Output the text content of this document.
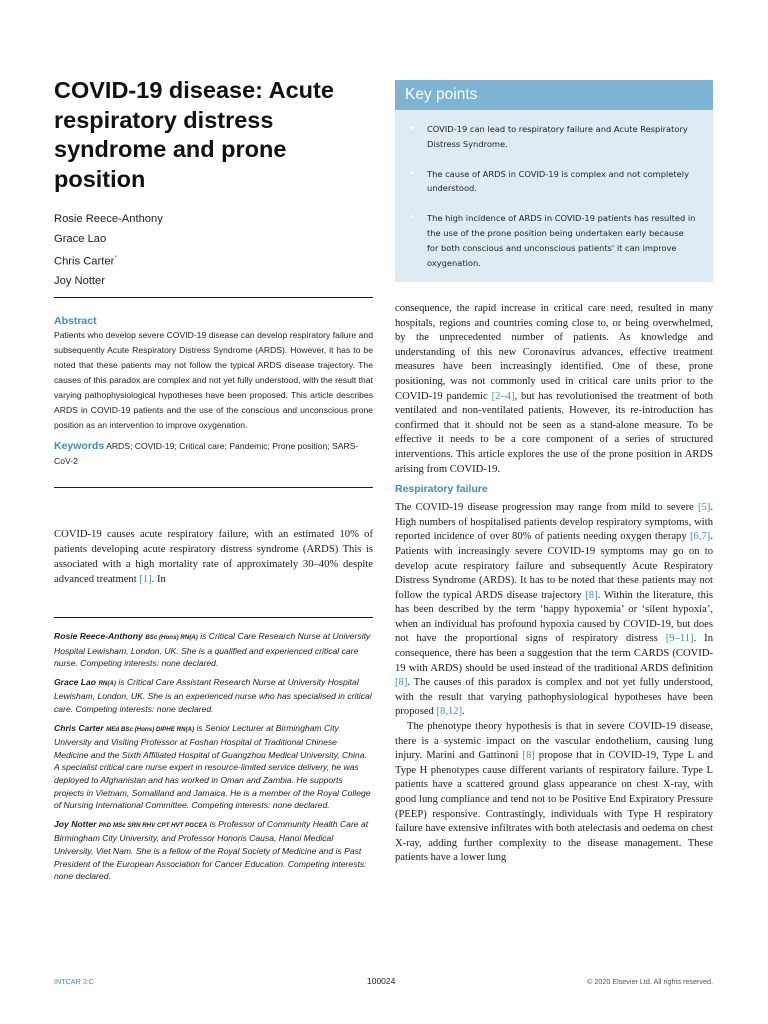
COVID-19 disease: Acute respiratory distress syndrome and prone position
Rosie Reece-Anthony
Grace Lao
Chris Carter*
Joy Notter
Key points
• COVID-19 can lead to respiratory failure and Acute Respiratory Distress Syndrome.
• The cause of ARDS in COVID-19 is complex and not completely understood.
• The high incidence of ARDS in COVID-19 patients has resulted in the use of the prone position being undertaken early because for both conscious and unconscious patients' it can improve oxygenation.
Abstract

Patients who develop severe COVID-19 disease can develop respiratory failure and subsequently Acute Respiratory Distress Syndrome (ARDS). However, it has to be noted that these patients may not follow the typical ARDS disease trajectory. The causes of this paradox are complex and not yet fully understood, with the result that varying pathophysiological hypotheses have been proposed. This article describes ARDS in COVID-19 patients and the use of the conscious and unconscious prone position as an intervention to improve oxygenation.

Keywords ARDS; COVID-19; Critical care; Pandemic; Prone position; SARS-CoV-2
COVID-19 causes acute respiratory failure, with an estimated 10% of patients developing acute respiratory distress syndrome (ARDS) This is associated with a high mortality rate of approximately 30–40% despite advanced treatment [1]. In

Rosie Reece-Anthony BSc (Hons) RN(A) is Critical Care Research Nurse at University Hospital Lewisham, London, UK. She is a qualified and experienced critical care nurse. Competing interests: none declared.

Grace Lao RN(A) is Critical Care Assistant Research Nurse at University Hospital Lewisham, London, UK. She is an experienced nurse who has specialised in critical care. Competing interests: none declared.

Chris Carter MEd BSc (Hons) DIPHE RN(A) is Senior Lecturer at Birmingham City University and Visiting Professor at Foshan Hospital of Traditional Chinese Medicine and the Sixth Affiliated Hospital of Guangzhou Medical University, China. A specialist critical care nurse expert in resource-limited service delivery, he was deployed to Afghanistan and has worked in Oman and Zambia. He supports projects in Vietnam, Somaliland and Jamaica. He is a member of the Royal College of Nursing International Committee. Competing interests: none declared.

Joy Notter PhD MSc SRN RHV CPT HVT PGCEA is Professor of Community Health Care at Birmingham City University, and Professor Honoris Causa, Hanoi Medical University, Viet Nam. She is a fellow of the Royal Society of Medicine and is Past President of the European Association for Cancer Education. Competing interests: none declared.

consequence, the rapid increase in critical care need, resulted in many hospitals, regions and countries coming close to, or being overwhelmed, by the unprecedented number of patients. As knowledge and understanding of this new Coronavirus advances, effective treatment measures have been increasingly identified. One of these, prone positioning, was not commonly used in critical care units prior to the COVID-19 pandemic [2–4], but has revolutionised the treatment of both ventilated and non-ventilated patients. However, its re-introduction has confirmed that it should not be seen as a stand-alone measure. To be effective it needs to be a core component of a series of structured interventions. This article explores the use of the prone position in ARDS arising from COVID-19.

Respiratory failure

The COVID-19 disease progression may range from mild to severe [5]. High numbers of hospitalised patients develop respiratory symptoms, with reported incidence of over 80% of patients needing oxygen therapy [6,7]. Patients with increasingly severe COVID-19 symptoms may go on to develop acute respiratory failure and subsequently Acute Respiratory Distress Syndrome (ARDS). It has to be noted that these patients may not follow the typical ARDS disease trajectory [8]. Within the literature, this has been described by the term ‘happy hypoxemia’ or ‘silent hypoxia’, when an individual has profound hypoxia caused by COVID-19, but does not have the proportional signs of respiratory distress [9–11]. In consequence, there has been a suggestion that the term CARDS (COVID-19 with ARDS) should be used instead of the traditional ARDS definition [8]. The causes of this paradox is complex and not yet fully understood, with the result that varying pathophysiological hypotheses have been proposed [8,12].

The phenotype theory hypothesis is that in severe COVID-19 disease, there is a systemic impact on the vascular endothelium, causing lung injury. Marini and Gattinoni [8] propose that in COVID-19, Type L and Type H phenotypes cause different variants of respiratory failure. Type L patients have a scattered ground glass appearance on chest X-ray, with good lung compliance and tend not to be Positive End Expiratory Pressure (PEEP) responsive. Contrastingly, individuals with Type H respiratory failure have extensive infiltrates with both atelectasis and oedema on chest X-ray, adding further complexity to the disease management. These patients have a lower lung

INTCAR 3:C	100024	© 2020 Elsevier Ltd. All rights reserved.
